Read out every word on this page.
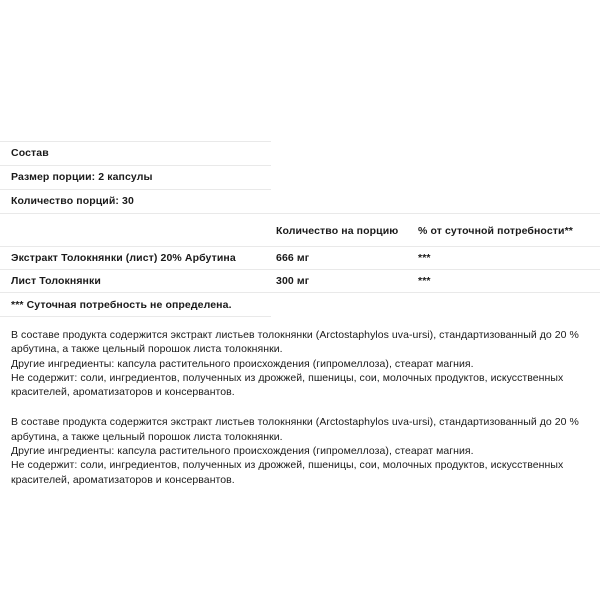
Состав
Размер порции: 2 капсулы
Количество порций: 30
	Количество на порцию	% от суточной потребности**
Экстракт Толокнянки (лист) 20% Арбутина	666 мг	***
Лист Толокнянки	300 мг	***
*** Суточная потребность не определена.
В составе продукта содержится экстракт листьев толокнянки (Arctostaphylos uva-ursi), стандартизованный до 20 % арбутина, а также цельный порошок листа толокнянки.
Другие ингредиенты: капсула растительного происхождения (гипромеллоза), стеарат магния.
Не содержит: соли, ингредиентов, полученных из дрожжей, пшеницы, сои, молочных продуктов, искусственных красителей, ароматизаторов и консервантов.
В составе продукта содержится экстракт листьев толокнянки (Arctostaphylos uva-ursi), стандартизованный до 20 % арбутина, а также цельный порошок листа толокнянки.
Другие ингредиенты: капсула растительного происхождения (гипромеллоза), стеарат магния.
Не содержит: соли, ингредиентов, полученных из дрожжей, пшеницы, сои, молочных продуктов, искусственных красителей, ароматизаторов и консервантов.
